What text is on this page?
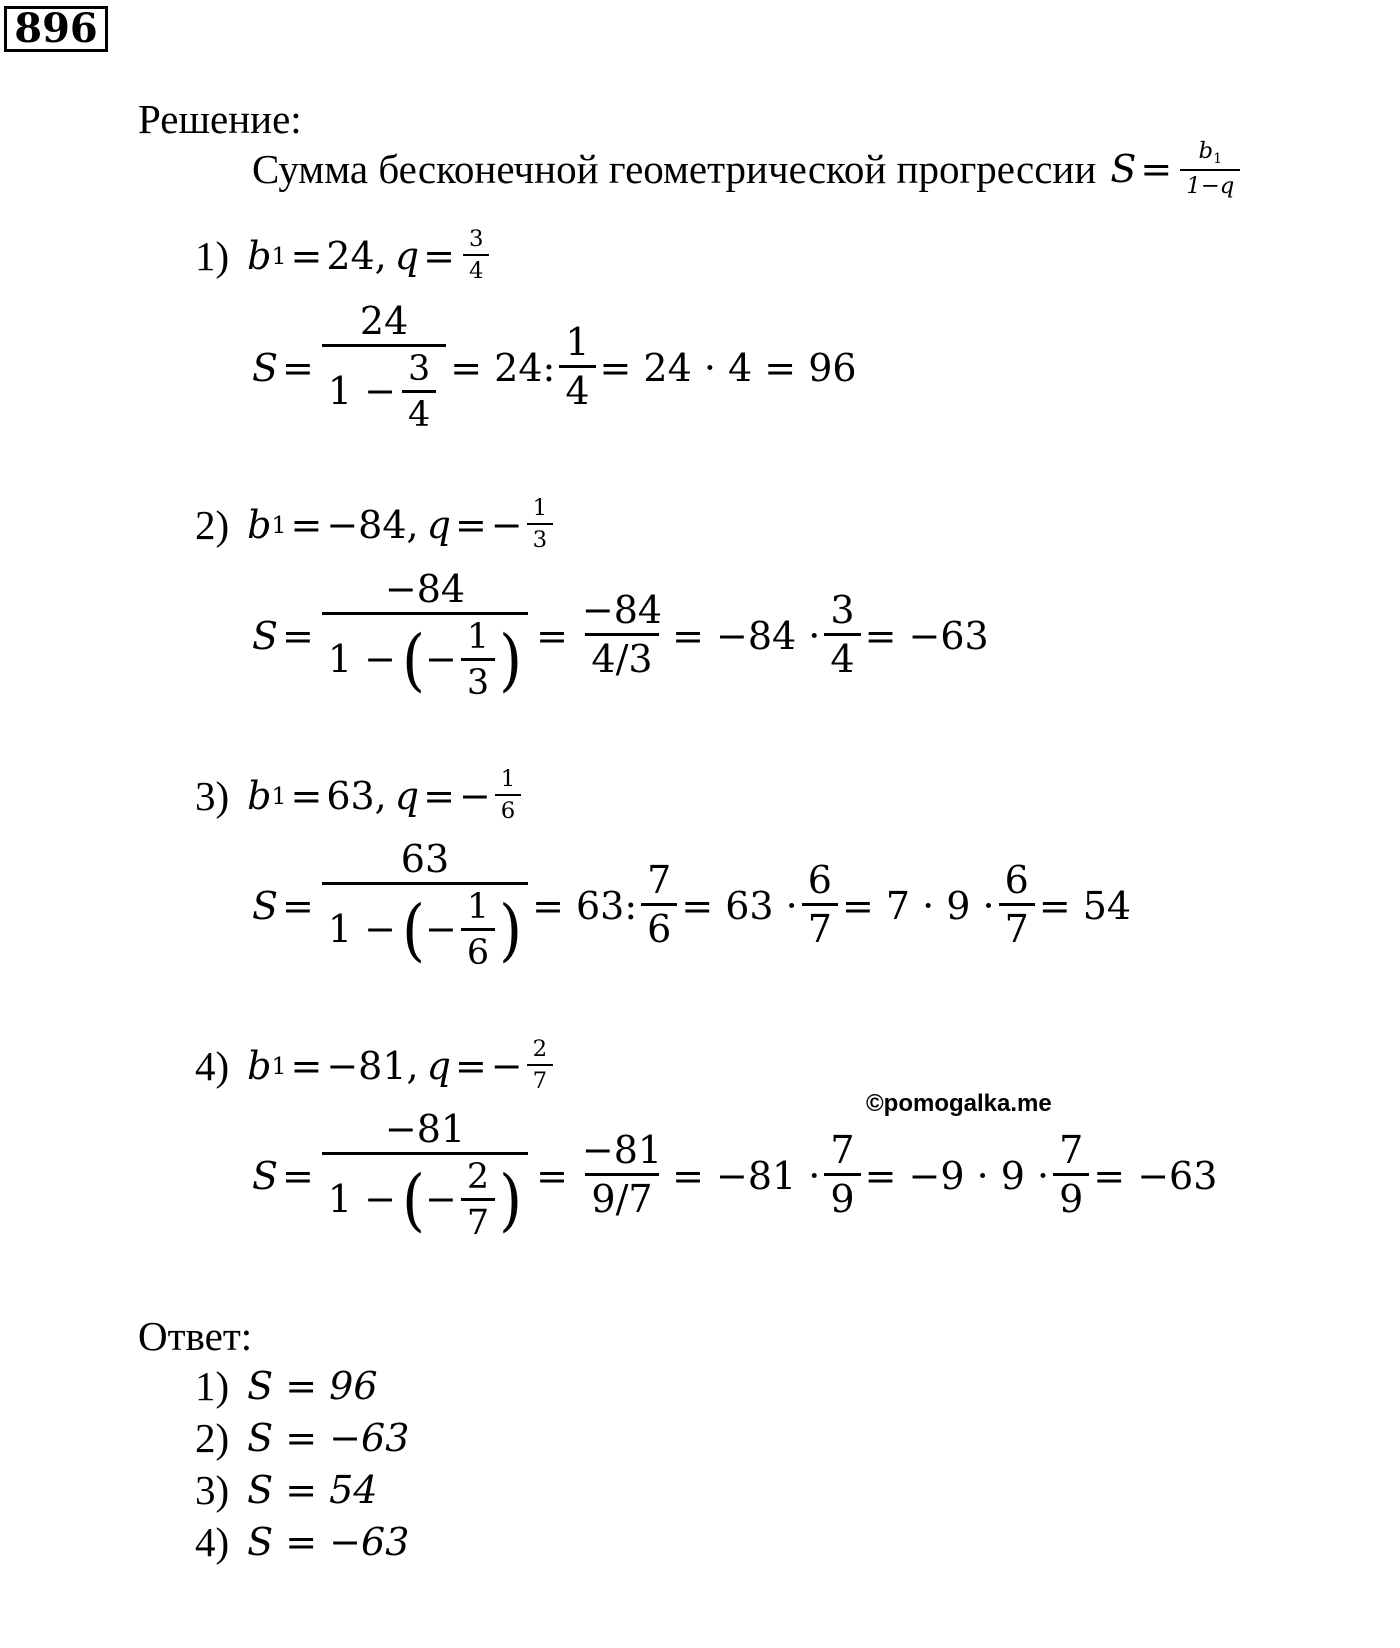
896
Решение:
Сумма бесконечной геометрической прогрессии $S = \frac{b_1}{1-q}$
1) b 1 = 24 , $q = \frac{3}{4}$
$S = \frac{24}{1 - \frac{3}{4}} = 24$: $\frac{1}{4} = 24 \cdot 4 = 96$
2) b 1 = −84 , q = − $\frac{1}{3}$
S =
−84
1 − ( − $\frac{1}{3}$ ) = $\frac{-84}{4/3} = -84 \cdot \frac{3}{4} = -63$
3) b 1 = 63 , q = − $\frac{1}{6}$
S =
63
1 − ( − $\frac{1}{6}$ ) = 63: $\frac{7}{6} = 63 \cdot \frac{6}{7} = 7 \cdot 9 \cdot \frac{6}{7} = 54$
4) b 1 = −81 , q = − $\frac{2}{7}$
©pomogalka.me
S =
−81
1 − ( − $\frac{2}{7}$ ) = $\frac{-81}{9/7} = -81 \cdot \frac{7}{9} = -9 \cdot 9 \cdot \frac{7}{9} = -63$
Ответ:
1) S = 96
2) S = −63
3) S = 54
4) S = −63
